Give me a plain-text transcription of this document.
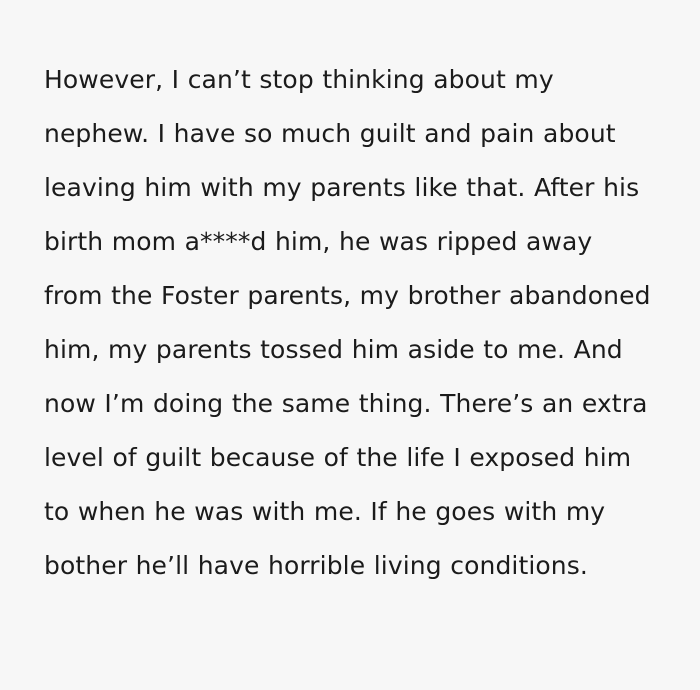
However, I can’t stop thinking about my nephew. I have so much guilt and pain about leaving him with my parents like that. After his birth mom a****d him, he was ripped away from the Foster parents, my brother abandoned him, my parents tossed him aside to me. And now I’m doing the same thing. There’s an extra level of guilt because of the life I exposed him to when he was with me. If he goes with my bother he’ll have horrible living conditions.
